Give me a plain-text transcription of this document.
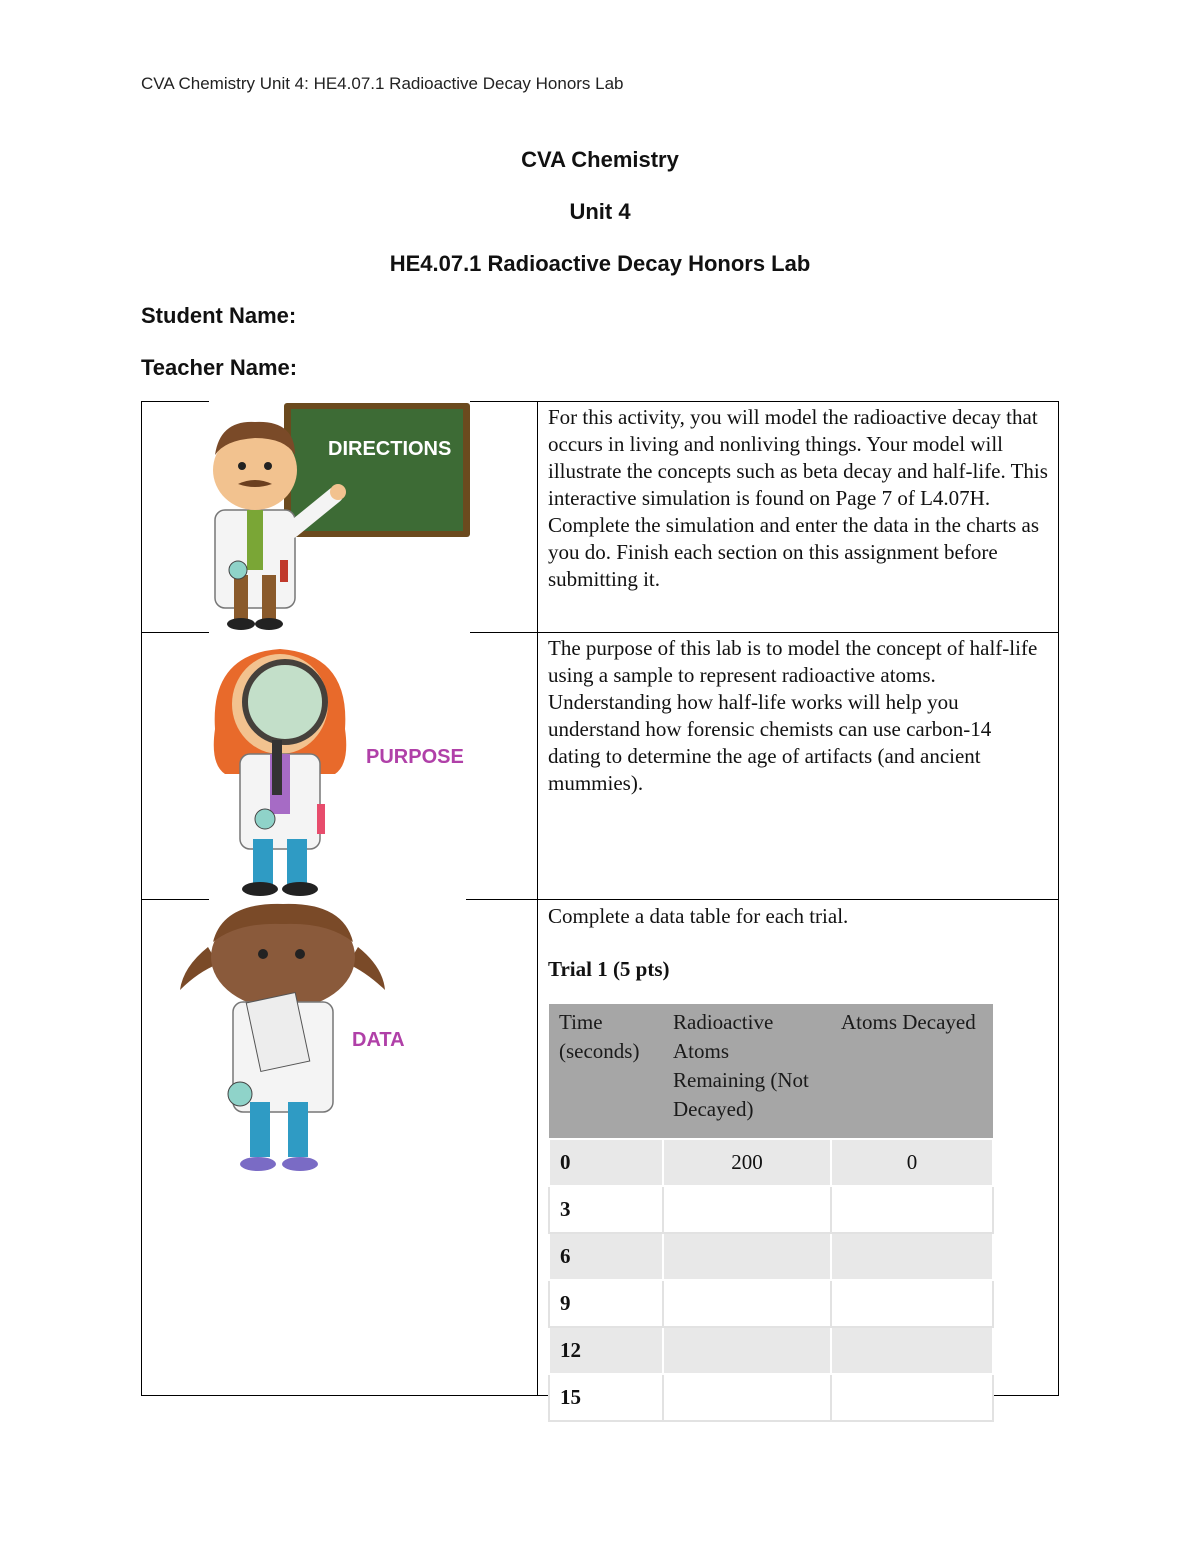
CVA Chemistry Unit 4: HE4.07.1 Radioactive Decay Honors Lab
CVA Chemistry
Unit 4
HE4.07.1 Radioactive Decay Honors Lab
Student Name:
Teacher Name:
DIRECTIONS
For this activity, you will model the radioactive decay that occurs in living and nonliving things. Your model will illustrate the concepts such as beta decay and half-life. This interactive simulation is found on Page 7 of L4.07H. Complete the simulation and enter the data in the charts as you do. Finish each section on this assignment before submitting it.
PURPOSE
The purpose of this lab is to model the concept of half-life using a sample to represent radioactive atoms. Understanding how half-life works will help you understand how forensic chemists can use carbon-14 dating to determine the age of artifacts (and ancient mummies).
DATA
Complete a data table for each trial.
Trial 1 (5 pts)
Time (seconds)	Radioactive Atoms Remaining (Not Decayed)	Atoms Decayed
0	200	0
3		
6		
9		
12		
15		
